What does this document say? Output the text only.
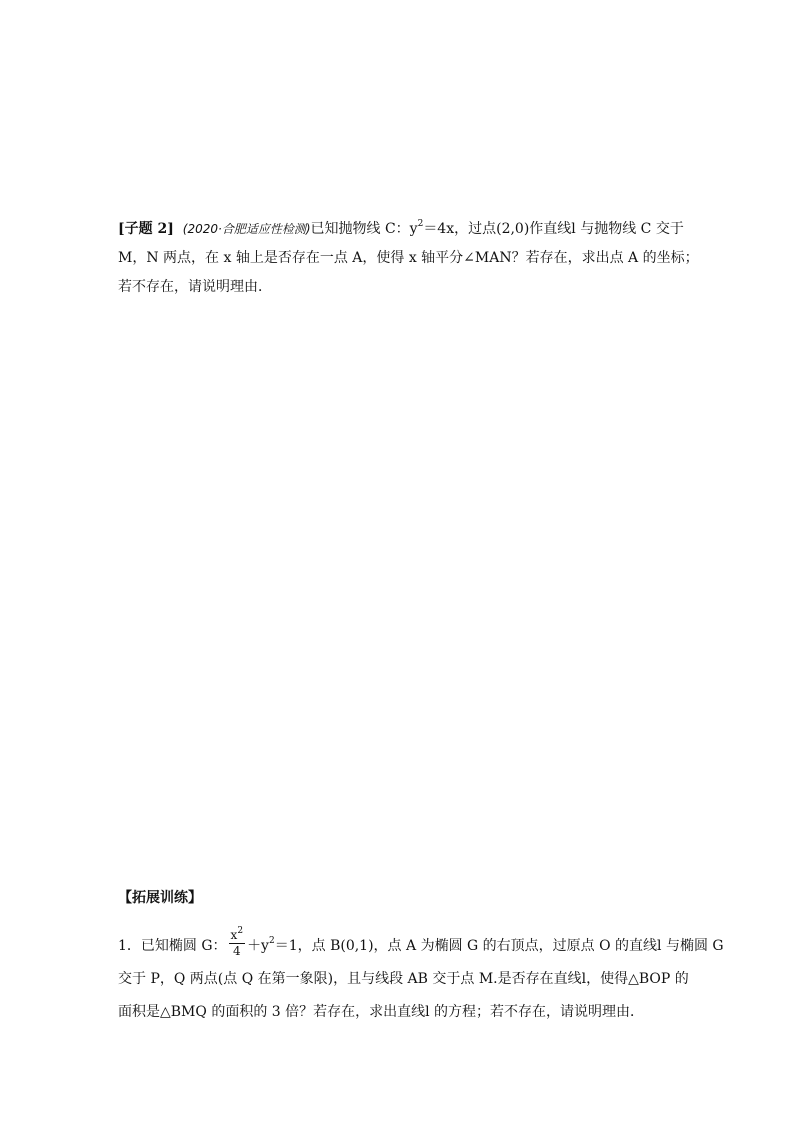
[子题 2] (2020·合肥适应性检测)已知抛物线 C：$y^2=4x$，过点(2,0)作直线l 与抛物线 C 交于
M，N 两点，在 x 轴上是否存在一点 A，使得 x 轴平分∠MAN？若存在，求出点 A 的坐标；
若不存在，请说明理由．
【拓展训练】
1．已知椭圆 G： $\frac{x^2}{4} +y^2=1$，点 B(0,1)，点 A 为椭圆 G 的右顶点，过原点 O 的直线l 与椭圆 G
交于 P，Q 两点(点 Q 在第一象限)，且与线段 AB 交于点 M.是否存在直线l，使得△BOP 的
面积是△BMQ 的面积的 3 倍？若存在，求出直线l 的方程；若不存在，请说明理由．
